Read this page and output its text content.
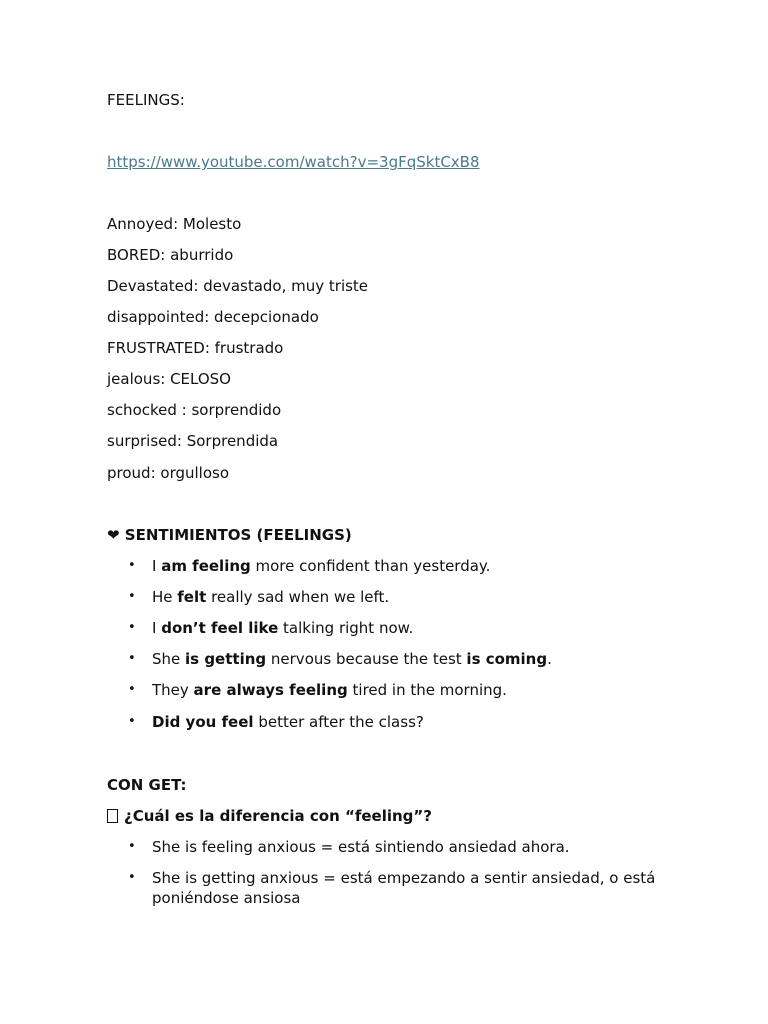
FEELINGS:

https://www.youtube.com/watch?v=3gFqSktCxB8

Annoyed: Molesto

BORED: aburrido

Devastated: devastado, muy triste

disappointed: decepcionado

FRUSTRATED: frustrado

jealous: CELOSO

schocked : sorprendido

surprised: Sorprendida

proud: orgulloso

❤ SENTIMIENTOS (FEELINGS)

• I am feeling more confident than yesterday.
• He felt really sad when we left.
• I don’t feel like talking right now.
• She is getting nervous because the test is coming.
• They are always feeling tired in the morning.
• Did you feel better after the class?

CON GET:

¿Cuál es la diferencia con “feeling”?

• She is feeling anxious = está sintiendo ansiedad ahora.
• She is getting anxious = está empezando a sentir ansiedad, o está poniéndose ansiosa
